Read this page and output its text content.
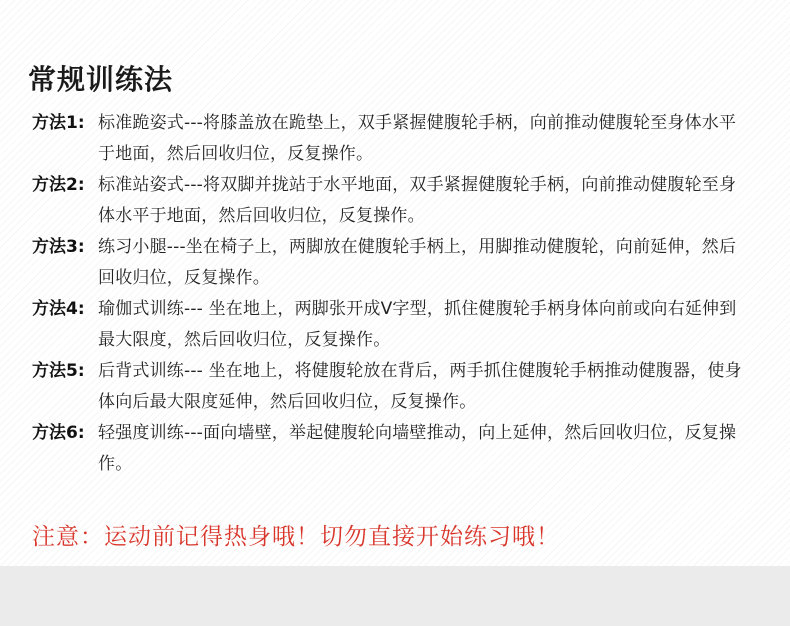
常规训练法
方法1: 标准跪姿式---将膝盖放在跪垫上，双手紧握健腹轮手柄，向前推动健腹轮至身体水平于地面，然后回收归位，反复操作。
方法2: 标准站姿式---将双脚并拢站于水平地面，双手紧握健腹轮手柄，向前推动健腹轮至身体水平于地面，然后回收归位，反复操作。
方法3: 练习小腿---坐在椅子上，两脚放在健腹轮手柄上，用脚推动健腹轮，向前延伸，然后回收归位，反复操作。
方法4: 瑜伽式训练--- 坐在地上，两脚张开成V字型，抓住健腹轮手柄身体向前或向右延伸到最大限度，然后回收归位，反复操作。
方法5: 后背式训练--- 坐在地上，将健腹轮放在背后，两手抓住健腹轮手柄推动健腹器，使身体向后最大限度延伸，然后回收归位，反复操作。
方法6: 轻强度训练---面向墙壁，举起健腹轮向墙壁推动，向上延伸，然后回收归位，反复操作。
注意：运动前记得热身哦！切勿直接开始练习哦！
